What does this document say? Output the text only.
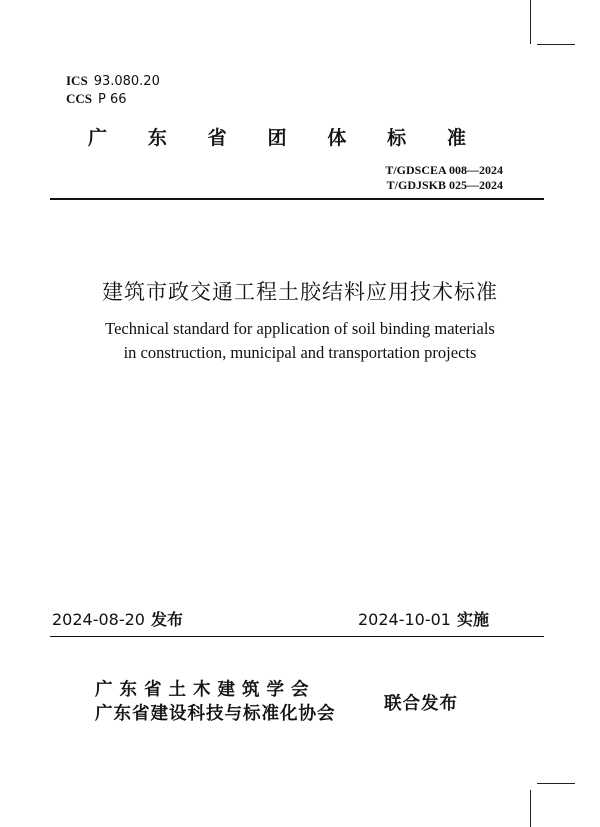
ICS 93.080.20
CCS P 66
广 东 省 团 体 标 准
T/GDSCEA 008—2024
T/GDJSKB 025—2024
建筑市政交通工程土胶结料应用技术标准
Technical standard for application of soil binding materials
in construction, municipal and transportation projects
2024-08-20 发布	2024-10-01 实施
广东省土木建筑学会
广东省建设科技与标准化协会	联合发布
